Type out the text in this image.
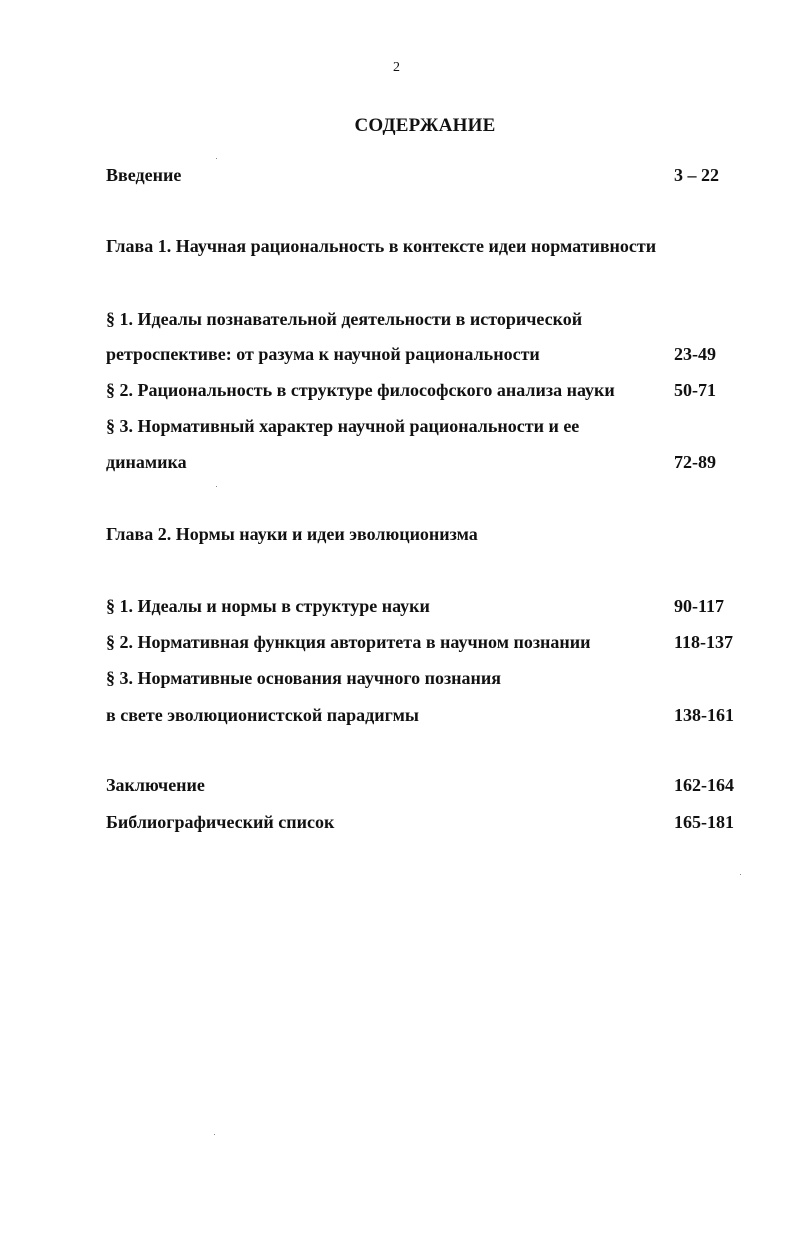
2
СОДЕРЖАНИЕ
Введение	3 – 22
Глава 1. Научная рациональность в контексте идеи нормативности
§ 1. Идеалы познавательной деятельности в исторической
ретроспективе: от разума к научной рациональности	23-49
§ 2. Рациональность в структуре философского анализа науки	50-71
§ 3. Нормативный характер научной рациональности и ее
динамика	72-89
Глава 2. Нормы науки и идеи эволюционизма
§ 1. Идеалы и нормы в структуре науки	90-117
§ 2. Нормативная функция авторитета в научном познании	118-137
§ 3. Нормативные основания научного познания
в свете эволюционистской парадигмы	138-161
Заключение	162-164
Библиографический список	165-181
